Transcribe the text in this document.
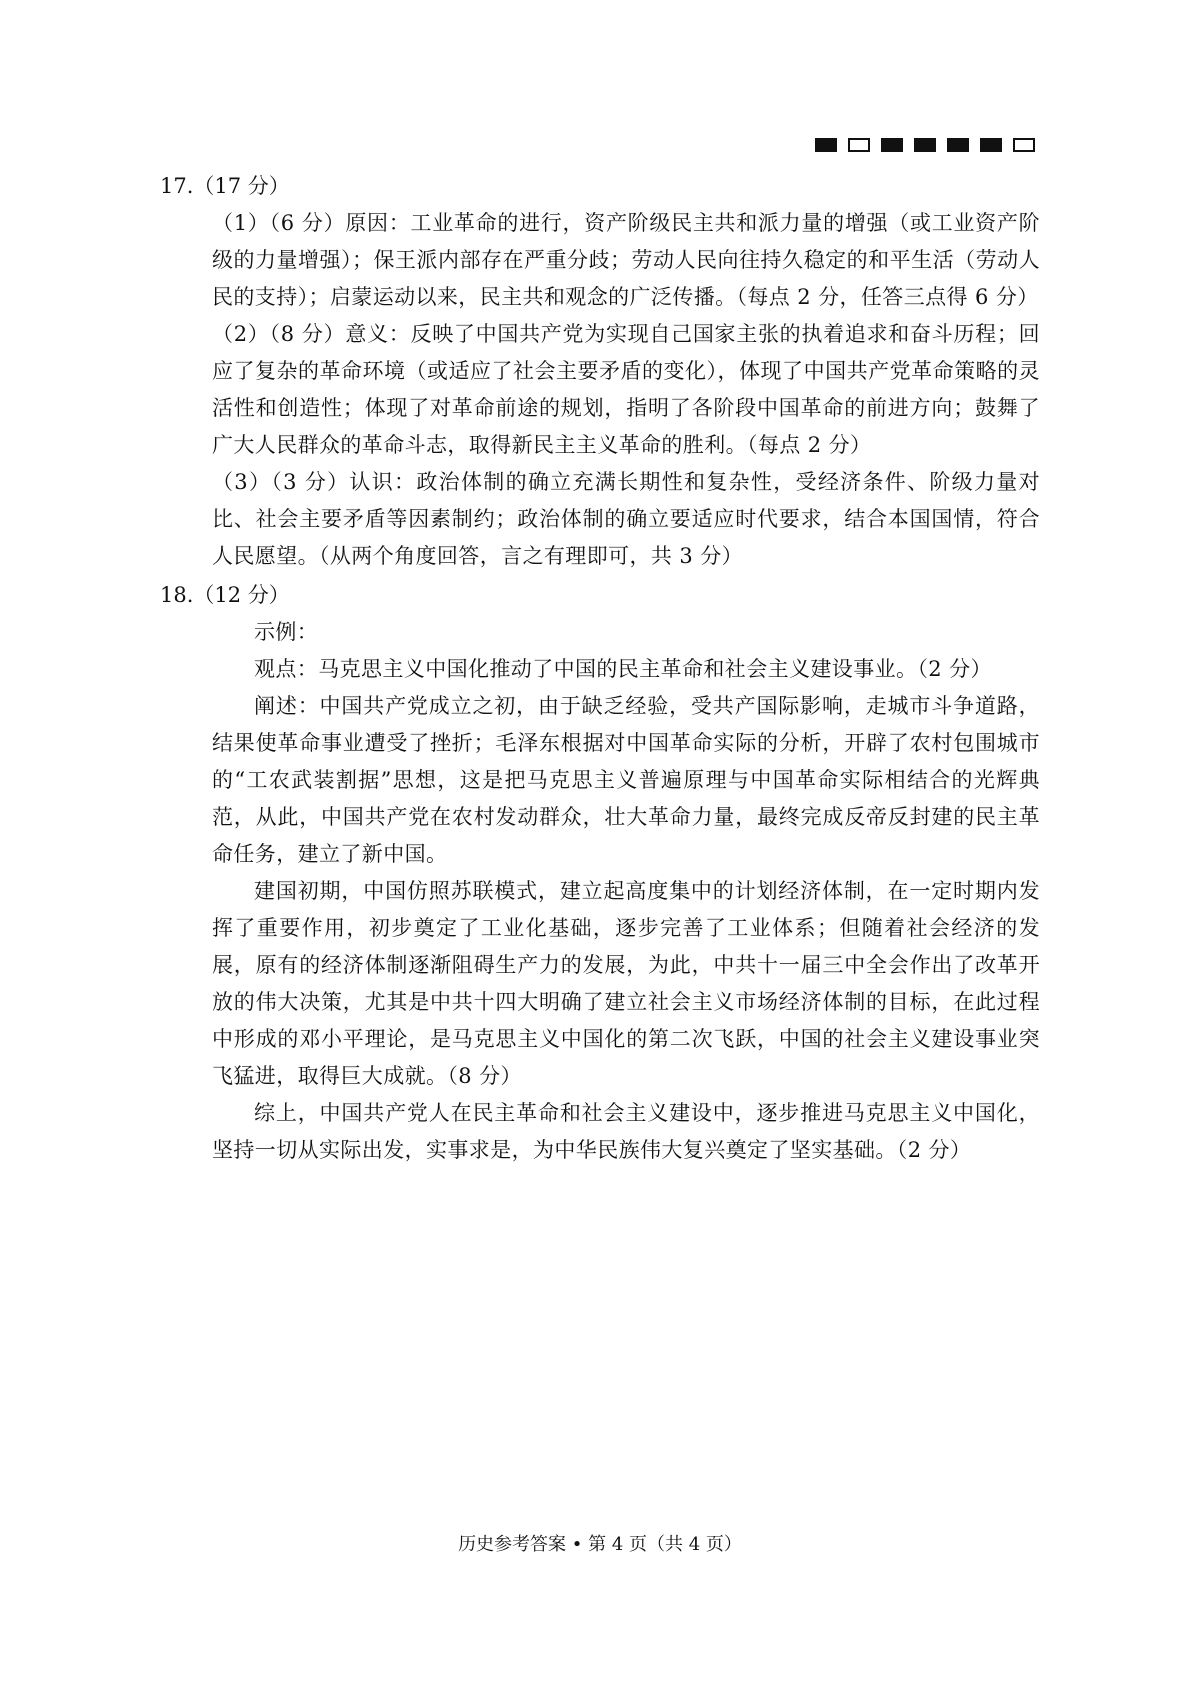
17.（17 分）
（1）（6 分）原因：工业革命的进行，资产阶级民主共和派力量的增强（或工业资产阶级的力量增强）；保王派内部存在严重分歧；劳动人民向往持久稳定的和平生活（劳动人民的支持）；启蒙运动以来，民主共和观念的广泛传播。（每点 2 分，任答三点得 6 分）
（2）（8 分）意义：反映了中国共产党为实现自己国家主张的执着追求和奋斗历程；回应了复杂的革命环境（或适应了社会主要矛盾的变化），体现了中国共产党革命策略的灵活性和创造性；体现了对革命前途的规划，指明了各阶段中国革命的前进方向；鼓舞了广大人民群众的革命斗志，取得新民主主义革命的胜利。（每点 2 分）
（3）（3 分）认识：政治体制的确立充满长期性和复杂性，受经济条件、阶级力量对比、社会主要矛盾等因素制约；政治体制的确立要适应时代要求，结合本国国情，符合人民愿望。（从两个角度回答，言之有理即可，共 3 分）
18.（12 分）
示例：
观点：马克思主义中国化推动了中国的民主革命和社会主义建设事业。（2 分）
阐述：中国共产党成立之初，由于缺乏经验，受共产国际影响，走城市斗争道路，结果使革命事业遭受了挫折；毛泽东根据对中国革命实际的分析，开辟了农村包围城市的“工农武装割据”思想，这是把马克思主义普遍原理与中国革命实际相结合的光辉典范，从此，中国共产党在农村发动群众，壮大革命力量，最终完成反帝反封建的民主革命任务，建立了新中国。
建国初期，中国仿照苏联模式，建立起高度集中的计划经济体制，在一定时期内发挥了重要作用，初步奠定了工业化基础，逐步完善了工业体系；但随着社会经济的发展，原有的经济体制逐渐阻碍生产力的发展，为此，中共十一届三中全会作出了改革开放的伟大决策，尤其是中共十四大明确了建立社会主义市场经济体制的目标，在此过程中形成的邓小平理论，是马克思主义中国化的第二次飞跃，中国的社会主义建设事业突飞猛进，取得巨大成就。（8 分）
综上，中国共产党人在民主革命和社会主义建设中，逐步推进马克思主义中国化，坚持一切从实际出发，实事求是，为中华民族伟大复兴奠定了坚实基础。（2 分）
历史参考答案 • 第 4 页（共 4 页）
